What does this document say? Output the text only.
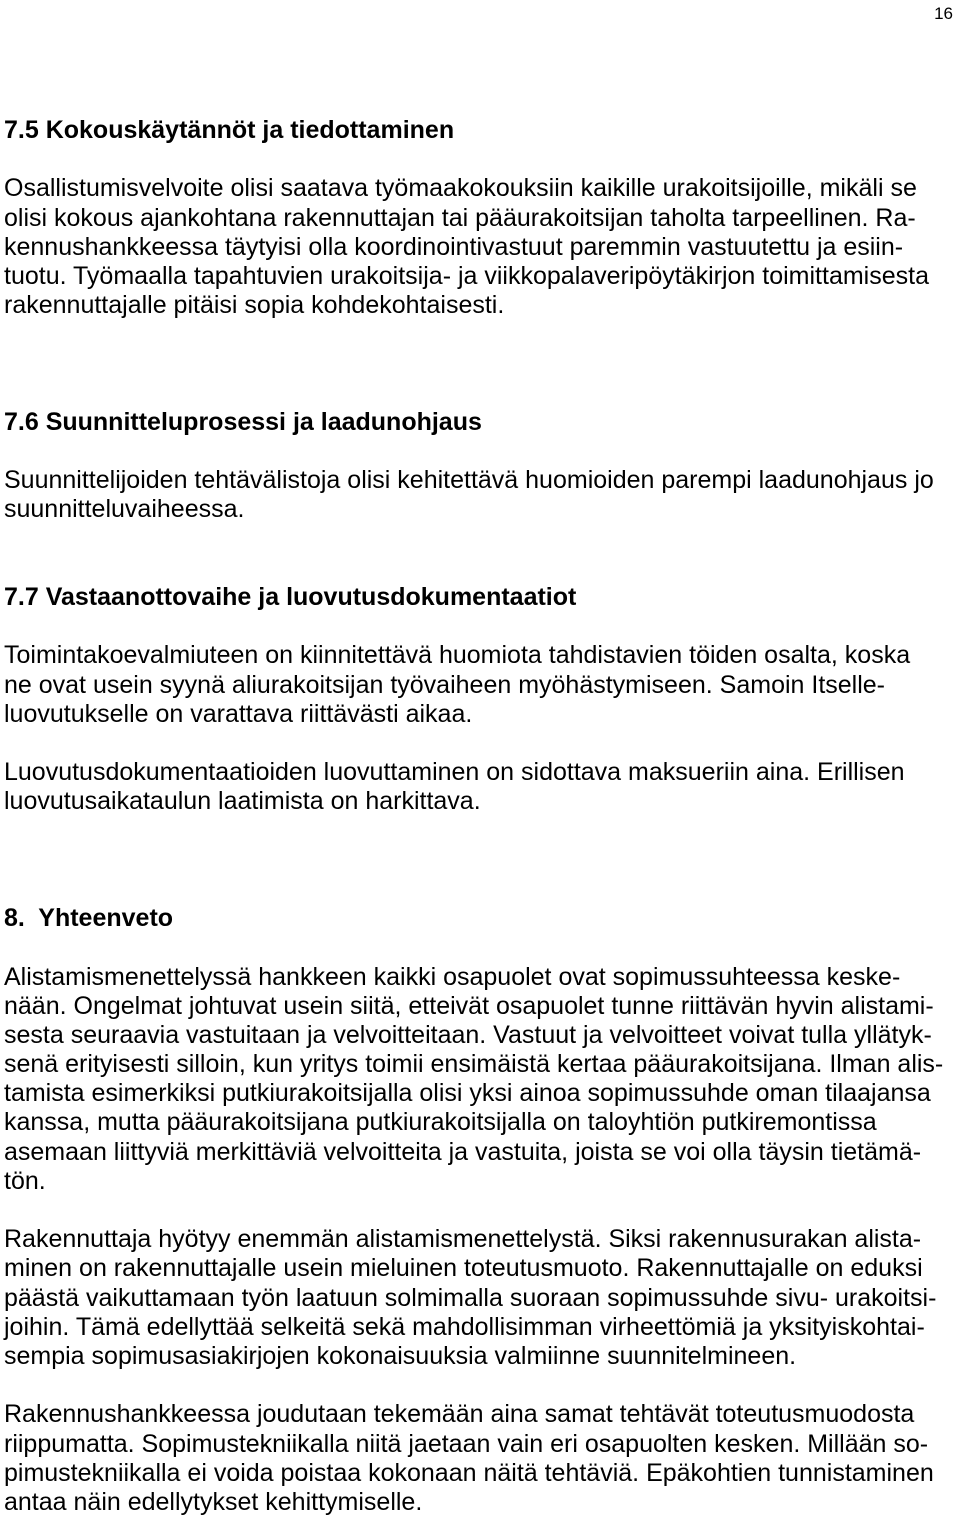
16
7.5 Kokouskäytännöt ja tiedottaminen
Osallistumisvelvoite olisi saatava työmaakokouksiin kaikille urakoitsijoille, mikäli se
olisi kokous ajankohtana rakennuttajan tai pääurakoitsijan taholta tarpeellinen. Ra-
kennushankkeessa täytyisi olla koordinointivastuut paremmin vastuutettu ja esiin-
tuotu. Työmaalla tapahtuvien urakoitsija- ja viikkopalaveripöytäkirjon toimittamisesta
rakennuttajalle pitäisi sopia kohdekohtaisesti.
7.6 Suunnitteluprosessi ja laadunohjaus
Suunnittelijoiden tehtävälistoja olisi kehitettävä huomioiden parempi laadunohjaus jo
suunnitteluvaiheessa.
7.7 Vastaanottovaihe ja luovutusdokumentaatiot
Toimintakoevalmiuteen on kiinnitettävä huomiota tahdistavien töiden osalta, koska
ne ovat usein syynä aliurakoitsijan työvaiheen myöhästymiseen. Samoin Itselle-
luovutukselle on varattava riittävästi aikaa.
Luovutusdokumentaatioiden luovuttaminen on sidottava maksueriin aina. Erillisen
luovutusaikataulun laatimista on harkittava.
8.  Yhteenveto
Alistamismenettelyssä hankkeen kaikki osapuolet ovat sopimussuhteessa keske-
nään. Ongelmat johtuvat usein siitä, etteivät osapuolet tunne riittävän hyvin alistami-
sesta seuraavia vastuitaan ja velvoitteitaan. Vastuut ja velvoitteet voivat tulla yllätyk-
senä erityisesti silloin, kun yritys toimii ensimäistä kertaa pääurakoitsijana. Ilman alis-
tamista esimerkiksi putkiurakoitsijalla olisi yksi ainoa sopimussuhde oman tilaajansa
kanssa, mutta pääurakoitsijana putkiurakoitsijalla on taloyhtiön putkiremontissa
asemaan liittyviä merkittäviä velvoitteita ja vastuita, joista se voi olla täysin tietämä-
tön.
Rakennuttaja hyötyy enemmän alistamismenettelystä. Siksi rakennusurakan alista-
minen on rakennuttajalle usein mieluinen toteutusmuoto. Rakennuttajalle on eduksi
päästä vaikuttamaan työn laatuun solmimalla suoraan sopimussuhde sivu- urakoitsi-
joihin. Tämä edellyttää selkeitä sekä mahdollisimman virheettömiä ja yksityiskohtai-
sempia sopimusasiakirjojen kokonaisuuksia valmiinne suunnitelmineen.
Rakennushankkeessa joudutaan tekemään aina samat tehtävät toteutusmuodosta
riippumatta. Sopimustekniikalla niitä jaetaan vain eri osapuolten kesken. Millään so-
pimustekniikalla ei voida poistaa kokonaan näitä tehtäviä. Epäkohtien tunnistaminen
antaa näin edellytykset kehittymiselle.
